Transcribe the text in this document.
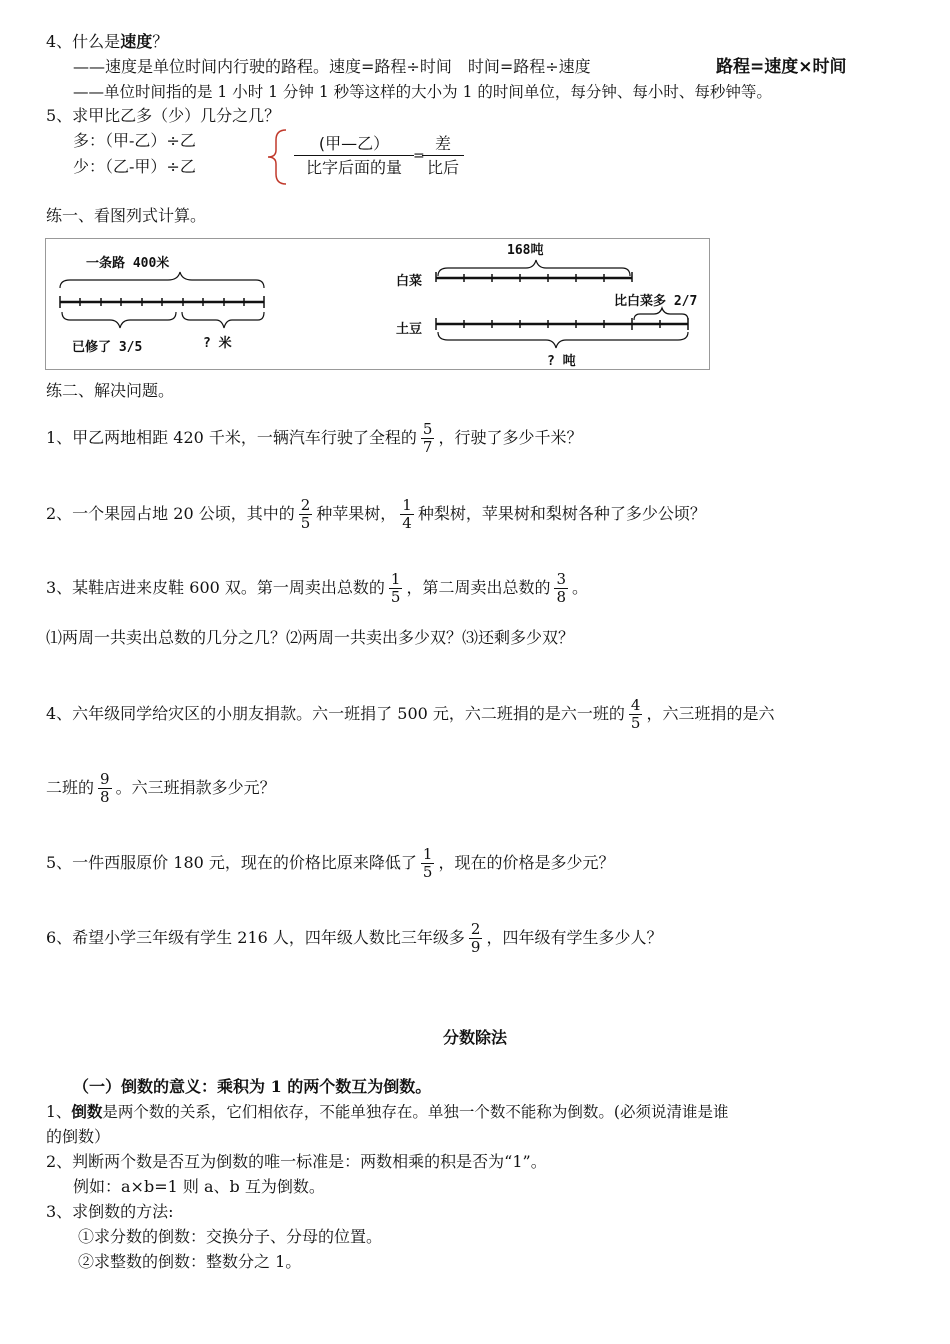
4、什么是速度？
——速度是单位时间内行驶的路程。速度=路程÷时间　时间=路程÷速度	路程=速度×时间
——单位时间指的是 1 小时 1 分钟 1 秒等这样的大小为 1 的时间单位，每分钟、每小时、每秒钟等。
5、求甲比乙多（少）几分之几？
多：（甲-乙）÷乙
少：（乙-甲）÷乙
(甲—乙）
比字后面的量
=
差
比后
练一、看图列式计算。
一条路 400米
已修了 3/5	? 米
168吨
白菜
土豆
比白菜多 2/7
? 吨
练二、解决问题。
1、甲乙两地相距 420 千米，一辆汽车行驶了全程的 $\frac{5}{7}$ ，行驶了多少千米？
2、一个果园占地 20 公顷，其中的 $\frac{2}{5}$ 种苹果树， $\frac{1}{4}$ 种梨树，苹果树和梨树各种了多少公顷？
3、某鞋店进来皮鞋 600 双。第一周卖出总数的 $\frac{1}{5}$ ，第二周卖出总数的 $\frac{3}{8}$ 。
⑴两周一共卖出总数的几分之几？⑵两周一共卖出多少双？⑶还剩多少双？
4、六年级同学给灾区的小朋友捐款。六一班捐了 500 元，六二班捐的是六一班的 $\frac{4}{5}$ ，六三班捐的是六
二班的 $\frac{9}{8}$ 。六三班捐款多少元？
5、一件西服原价 180 元，现在的价格比原来降低了 $\frac{1}{5}$ ，现在的价格是多少元？
6、希望小学三年级有学生 216 人，四年级人数比三年级多 $\frac{2}{9}$ ，四年级有学生多少人？
分数除法
（一）倒数的意义：乘积为 1 的两个数互为倒数。
1、倒数是两个数的关系，它们相依存，不能单独存在。单独一个数不能称为倒数。(必须说清谁是谁
的倒数）
2、判断两个数是否互为倒数的唯一标准是：两数相乘的积是否为“1”。
例如：a×b=1 则 a、b 互为倒数。
3、求倒数的方法:
①求分数的倒数：交换分子、分母的位置。
②求整数的倒数：整数分之 1。
